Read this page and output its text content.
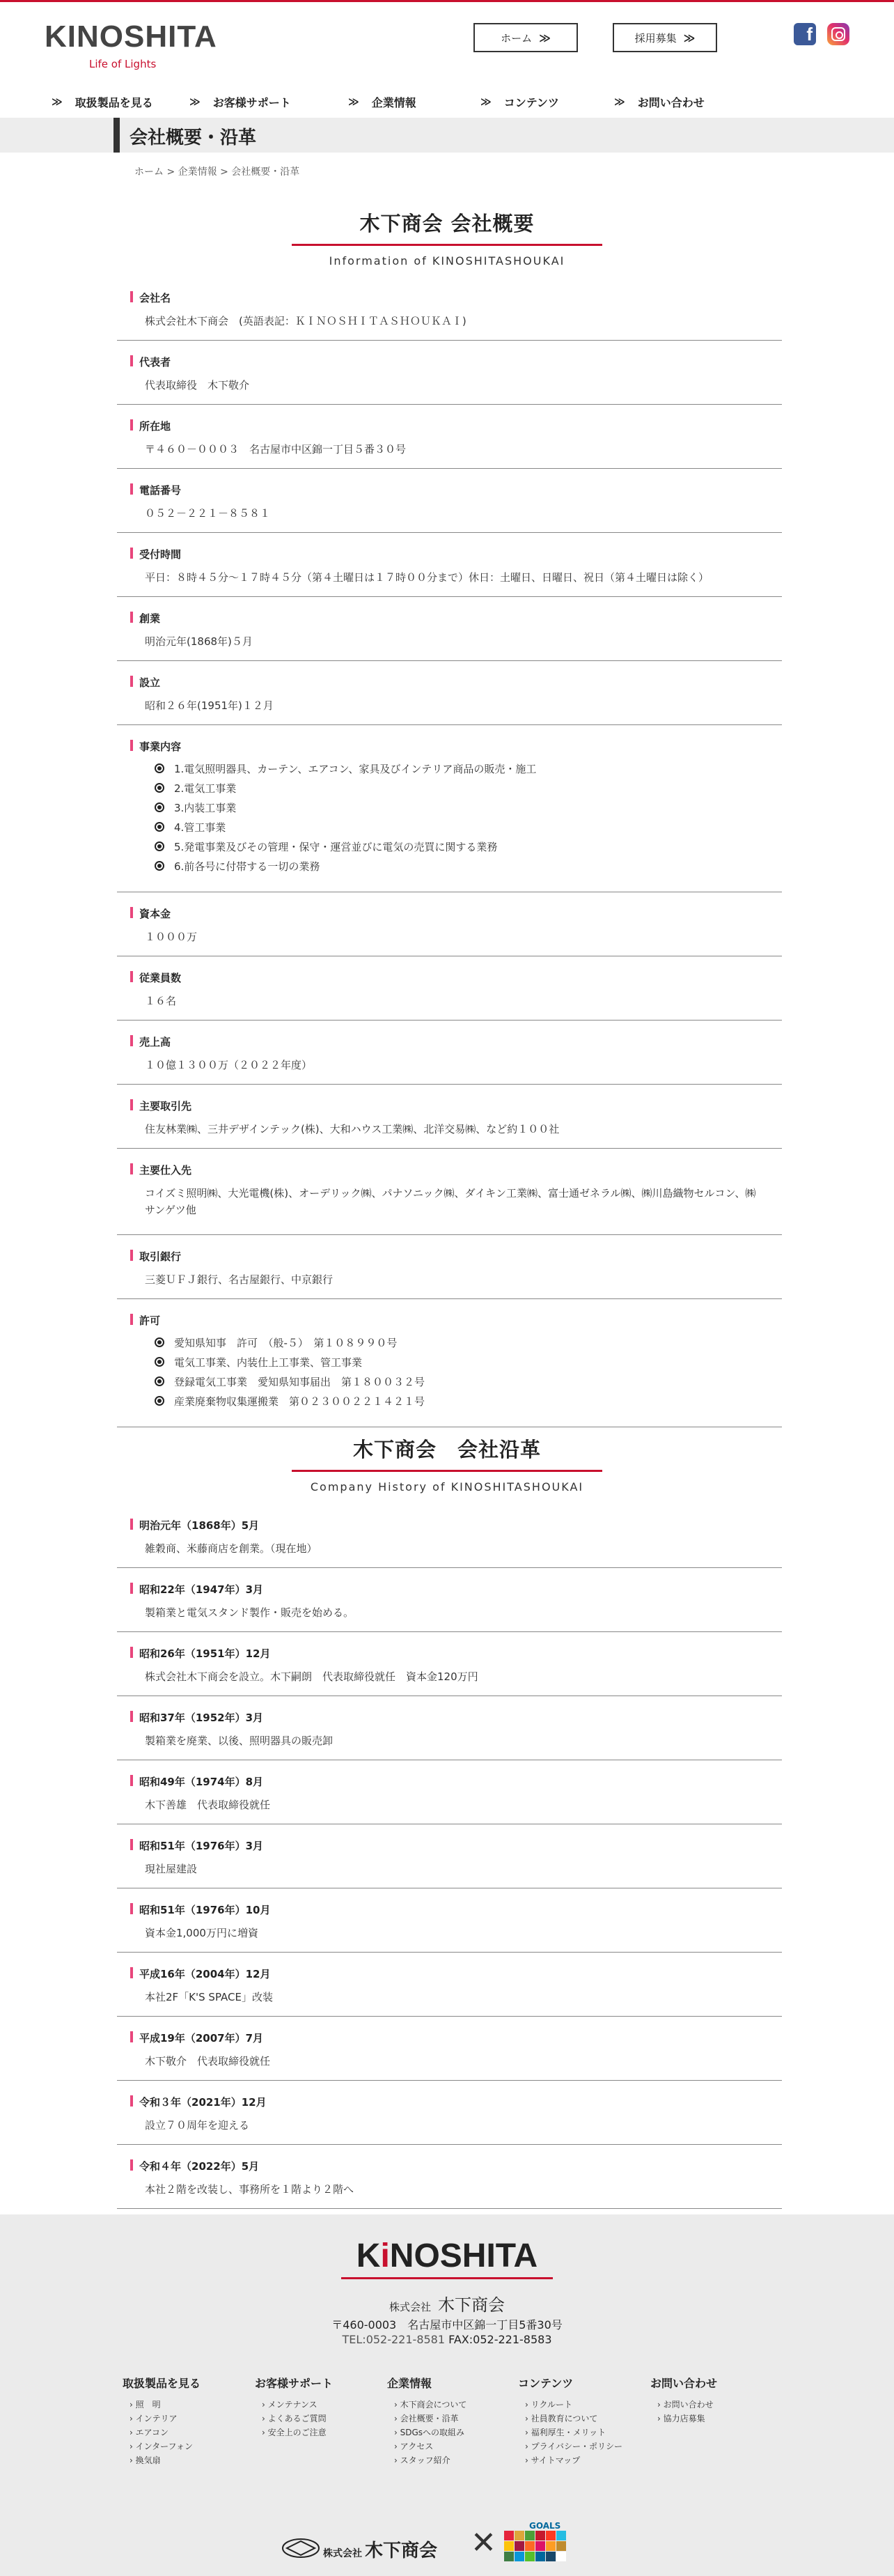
KINOSHITA
Life of Lights
ホーム ≫	採用募集 ≫	f
≫ 取扱製品を見る	≫ お客様サポート	≫ 企業情報	≫ コンテンツ	≫ お問い合わせ
会社概要・沿革
ホーム > 企業情報 > 会社概要・沿革
木下商会 会社概要
Information of KINOSHITASHOUKAI
会社名
株式会社木下商会　(英語表記：ＫＩＮＯＳＨＩＴＡＳＨＯＵＫＡＩ)
代表者
代表取締役　木下敬介
所在地
〒４６０－０００３　名古屋市中区錦一丁目５番３０号
電話番号
０５２－２２１－８５８１
受付時間
平日：８時４５分～１７時４５分（第４土曜日は１７時００分まで）休日：土曜日、日曜日、祝日（第４土曜日は除く）
創業
明治元年(1868年)５月
設立
昭和２６年(1951年)１２月
事業内容
1.電気照明器具、カーテン、エアコン、家具及びインテリア商品の販売・施工
2.電気工事業
3.内装工事業
4.管工事業
5.発電事業及びその管理・保守・運営並びに電気の売買に関する業務
6.前各号に付帯する一切の業務
資本金
１０００万
従業員数
１６名
売上高
１０億１３００万（２０２２年度）
主要取引先
住友林業㈱、三井デザインテック(株)、大和ハウス工業㈱、北洋交易㈱、など約１００社
主要仕入先
コイズミ照明㈱、大光電機(株)、オーデリック㈱、パナソニック㈱、ダイキン工業㈱、富士通ゼネラル㈱、㈱川島織物セルコン、㈱サンゲツ他
取引銀行
三菱ＵＦＪ銀行、名古屋銀行、中京銀行
許可
愛知県知事　許可　（般-５）　第１０８９９０号
電気工事業、内装仕上工事業、管工事業
登録電気工事業　愛知県知事届出　第１８００３２号
産業廃棄物収集運搬業　第０２３００２２１４２１号
木下商会　会社沿革
Company History of KINOSHITASHOUKAI
明治元年（1868年）5月
雑穀商、米藤商店を創業。（現在地）
昭和22年（1947年）3月
製箱業と電気スタンド製作・販売を始める。
昭和26年（1951年）12月
株式会社木下商会を設立。木下嗣朗　代表取締役就任　資本金120万円
昭和37年（1952年）3月
製箱業を廃業、以後、照明器具の販売卸
昭和49年（1974年）8月
木下善雄　代表取締役就任
昭和51年（1976年）3月
現社屋建設
昭和51年（1976年）10月
資本金1,000万円に増資
平成16年（2004年）12月
本社2F「K'S SPACE」改装
平成19年（2007年）7月
木下敬介　代表取締役就任
令和３年（2021年）12月
設立７０周年を迎える
令和４年（2022年）5月
本社２階を改装し、事務所を１階より２階へ
KiNOSHITA
株式会社 木下商会
〒460-0003　名古屋市中区錦一丁目5番30号
TEL:052-221-8581 FAX:052-221-8583
取扱製品を見る
› 照　明
› インテリア
› エアコン
› インターフォン
› 換気扇
お客様サポート
› メンテナンス
› よくあるご質問
› 安全上のご注意
企業情報
› 木下商会について
› 会社概要・沿革
› SDGsへの取組み
› アクセス
› スタッフ紹介
コンテンツ
› リクルート
› 社員教育について
› 福利厚生・メリット
› プライバシー・ポリシー
› サイトマップ
お問い合わせ
› お問い合わせ
› 協力店募集
株式会社 木下商会 ✕	GOALS
